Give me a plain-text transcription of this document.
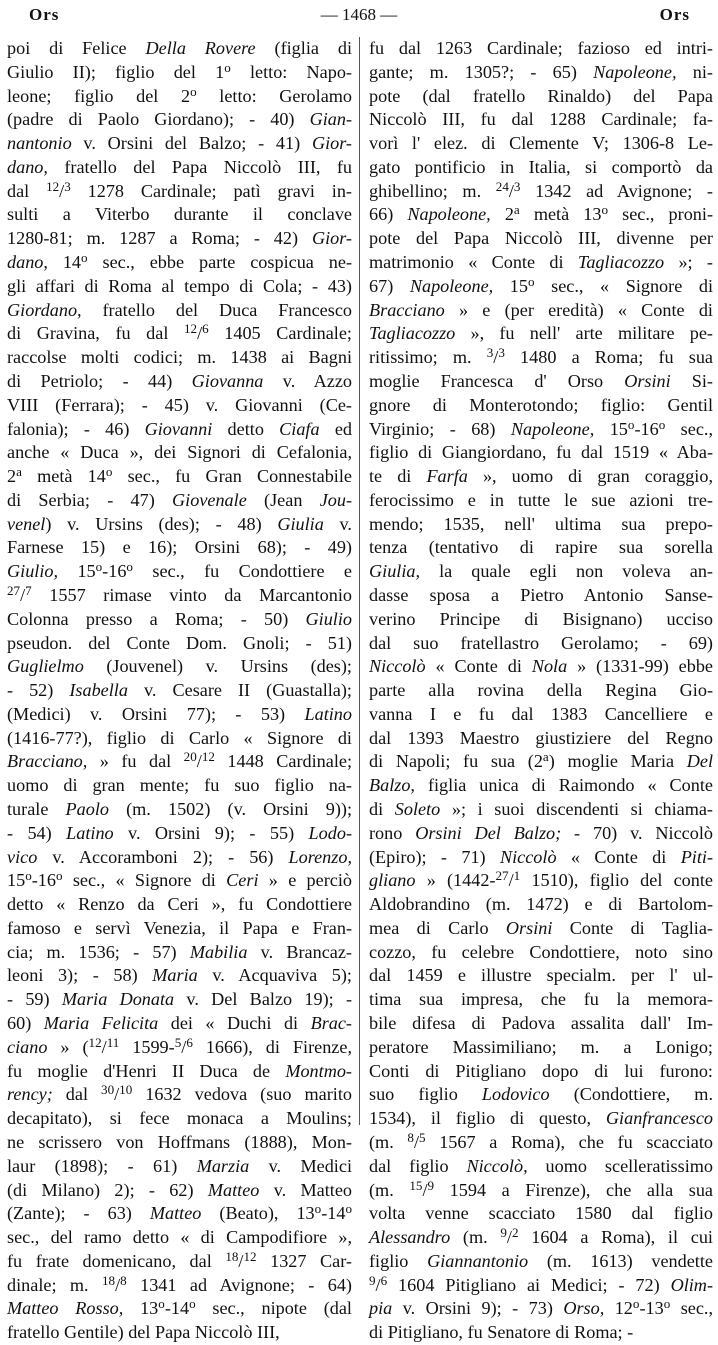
Ors	— 1468 —	Ors
poi di Felice Della Rovere (figlia di
Giulio II); figlio del 1$^o$ letto: Napo-
leone; figlio del 2$^o$ letto: Gerolamo
(padre di Paolo Giordano); - 40) Gian-
nantonio v. Orsini del Balzo; - 41) Gior-
dano, fratello del Papa Niccolò III, fu
dal $^{12}$/$^3$ 1278 Cardinale; patì gravi in-
sulti a Viterbo durante il conclave
1280-81; m. 1287 a Roma; - 42) Gior-
dano, 14$^o$ sec., ebbe parte cospicua ne-
gli affari di Roma al tempo di Cola; - 43)
Giordano, fratello del Duca Francesco
di Gravina, fu dal $^{12}$/$^6$ 1405 Cardinale;
raccolse molti codici; m. 1438 ai Bagni
di Petriolo; - 44) Giovanna v. Azzo
VIII (Ferrara); - 45) v. Giovanni (Ce-
falonia); - 46) Giovanni detto Ciafa ed
anche « Duca », dei Signori di Cefalonia,
2$^a$ metà 14$^o$ sec., fu Gran Connestabile
di Serbia; - 47) Giovenale (Jean Jou-
venel) v. Ursins (des); - 48) Giulia v.
Farnese 15) e 16); Orsini 68); - 49)
Giulio, 15$^o$-16$^o$ sec., fu Condottiere e
$^{27}$/$^7$ 1557 rimase vinto da Marcantonio
Colonna presso a Roma; - 50) Giulio
pseudon. del Conte Dom. Gnoli; - 51)
Guglielmo (Jouvenel) v. Ursins (des);
- 52) Isabella v. Cesare II (Guastalla);
(Medici) v. Orsini 77); - 53) Latino
(1416-77?), figlio di Carlo « Signore di
Bracciano, » fu dal $^{20}$/$^{12}$ 1448 Cardinale;
uomo di gran mente; fu suo figlio na-
turale Paolo (m. 1502) (v. Orsini 9));
- 54) Latino v. Orsini 9); - 55) Lodo-
vico v. Accoramboni 2); - 56) Lorenzo,
15$^o$-16$^o$ sec., « Signore di Ceri » e perciò
detto « Renzo da Ceri », fu Condottiere
famoso e servì Venezia, il Papa e Fran-
cia; m. 1536; - 57) Mabilia v. Brancaz-
leoni 3); - 58) Maria v. Acquaviva 5);
- 59) Maria Donata v. Del Balzo 19); -
60) Maria Felicita dei « Duchi di Brac-
ciano » ($^{12}$/$^{11}$ 1599-$^5$/$^6$ 1666), di Firenze,
fu moglie d'Henri II Duca de Montmo-
rency; dal $^{30}$/$^{10}$ 1632 vedova (suo marito
decapitato), si fece monaca a Moulins;
ne scrissero von Hoffmans (1888), Mon-
laur (1898); - 61) Marzia v. Medici
(di Milano) 2); - 62) Matteo v. Matteo
(Zante); - 63) Matteo (Beato), 13$^o$-14$^o$
sec., del ramo detto « di Campodifiore »,
fu frate domenicano, dal $^{18}$/$^{12}$ 1327 Car-
dinale; m. $^{18}$/$^8$ 1341 ad Avignone; - 64)
Matteo Rosso, 13$^o$-14$^o$ sec., nipote (dal
fratello Gentile) del Papa Niccolò III,
fu dal 1263 Cardinale; fazioso ed intri-
gante; m. 1305?; - 65) Napoleone, ni-
pote (dal fratello Rinaldo) del Papa
Niccolò III, fu dal 1288 Cardinale; fa-
vorì l' elez. di Clemente V; 1306-8 Le-
gato pontificio in Italia, si comportò da
ghibellino; m. $^{24}$/$^3$ 1342 ad Avignone; -
66) Napoleone, 2$^a$ metà 13$^o$ sec., proni-
pote del Papa Niccolò III, divenne per
matrimonio « Conte di Tagliacozzo »; -
67) Napoleone, 15$^o$ sec., « Signore di
Bracciano » e (per eredità) « Conte di
Tagliacozzo », fu nell' arte militare pe-
ritissimo; m. $^3$/$^3$ 1480 a Roma; fu sua
moglie Francesca d' Orso Orsini Si-
gnore di Monterotondo; figlio: Gentil
Virginio; - 68) Napoleone, 15$^o$-16$^o$ sec.,
figlio di Giangiordano, fu dal 1519 « Aba-
te di Farfa », uomo di gran coraggio,
ferocissimo e in tutte le sue azioni tre-
mendo; 1535, nell' ultima sua prepo-
tenza (tentativo di rapire sua sorella
Giulia, la quale egli non voleva an-
dasse sposa a Pietro Antonio Sanse-
verino Principe di Bisignano) ucciso
dal suo fratellastro Gerolamo; - 69)
Niccolò « Conte di Nola » (1331-99) ebbe
parte alla rovina della Regina Gio-
vanna I e fu dal 1383 Cancelliere e
dal 1393 Maestro giustiziere del Regno
di Napoli; fu sua (2$^a$) moglie Maria Del
Balzo, figlia unica di Raimondo « Conte
di Soleto »; i suoi discendenti si chiama-
rono Orsini Del Balzo; - 70) v. Niccolò
(Epiro); - 71) Niccolò « Conte di Piti-
gliano » (1442-$^{27}$/$^1$ 1510), figlio del conte
Aldobrandino (m. 1472) e di Bartolom-
mea di Carlo Orsini Conte di Taglia-
cozzo, fu celebre Condottiere, noto sino
dal 1459 e illustre specialm. per l' ul-
tima sua impresa, che fu la memora-
bile difesa di Padova assalita dall' Im-
peratore Massimiliano; m. a Lonigo;
Conti di Pitigliano dopo di lui furono:
suo figlio Lodovico (Condottiere, m.
1534), il figlio di questo, Gianfrancesco
(m. $^8$/$^5$ 1567 a Roma), che fu scacciato
dal figlio Niccolò, uomo scelleratissimo
(m. $^{15}$/$^9$ 1594 a Firenze), che alla sua
volta venne scacciato 1580 dal figlio
Alessandro (m. $^9$/$^2$ 1604 a Roma), il cui
figlio Giannantonio (m. 1613) vendette
$^9$/$^6$ 1604 Pitigliano ai Medici; - 72) Olim-
pia v. Orsini 9); - 73) Orso, 12$^o$-13$^o$ sec.,
di Pitigliano, fu Senatore di Roma; -
